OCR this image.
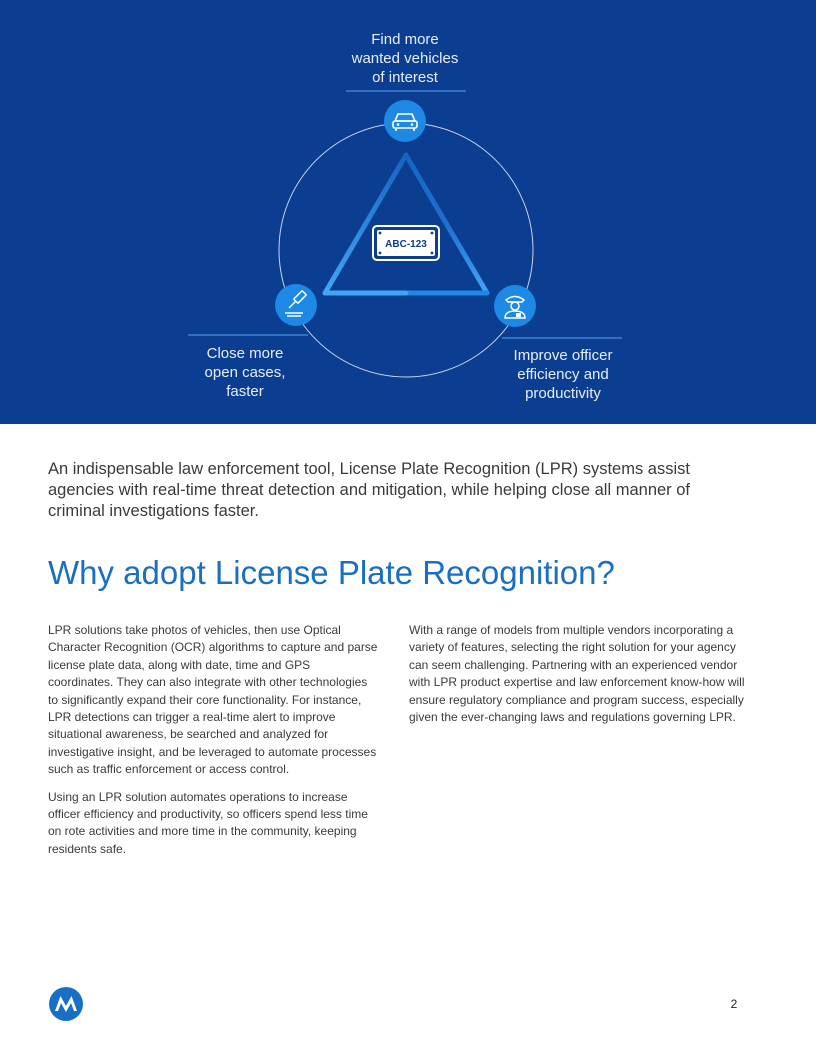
ABC-123
Find more
wanted vehicles
of interest
Close more
open cases,
faster
Improve officer
efficiency and
productivity

An indispensable law enforcement tool, License Plate Recognition (LPR) systems assist agencies with real-time threat detection and mitigation, while helping close all manner of criminal investigations faster.

Why adopt License Plate Recognition?

LPR solutions take photos of vehicles, then use Optical Character Recognition (OCR) algorithms to capture and parse license plate data, along with date, time and GPS coordinates. They can also integrate with other technologies to significantly expand their core functionality. For instance, LPR detections can trigger a real-time alert to improve situational awareness, be searched and analyzed for investigative insight, and be leveraged to automate processes such as traffic enforcement or access control.

Using an LPR solution automates operations to increase officer efficiency and productivity, so officers spend less time on rote activities and more time in the community, keeping residents safe.

With a range of models from multiple vendors incorporating a variety of features, selecting the right solution for your agency can seem challenging. Partnering with an experienced vendor with LPR product expertise and law enforcement know-how will ensure regulatory compliance and program success, especially given the ever-changing laws and regulations governing LPR.

2
